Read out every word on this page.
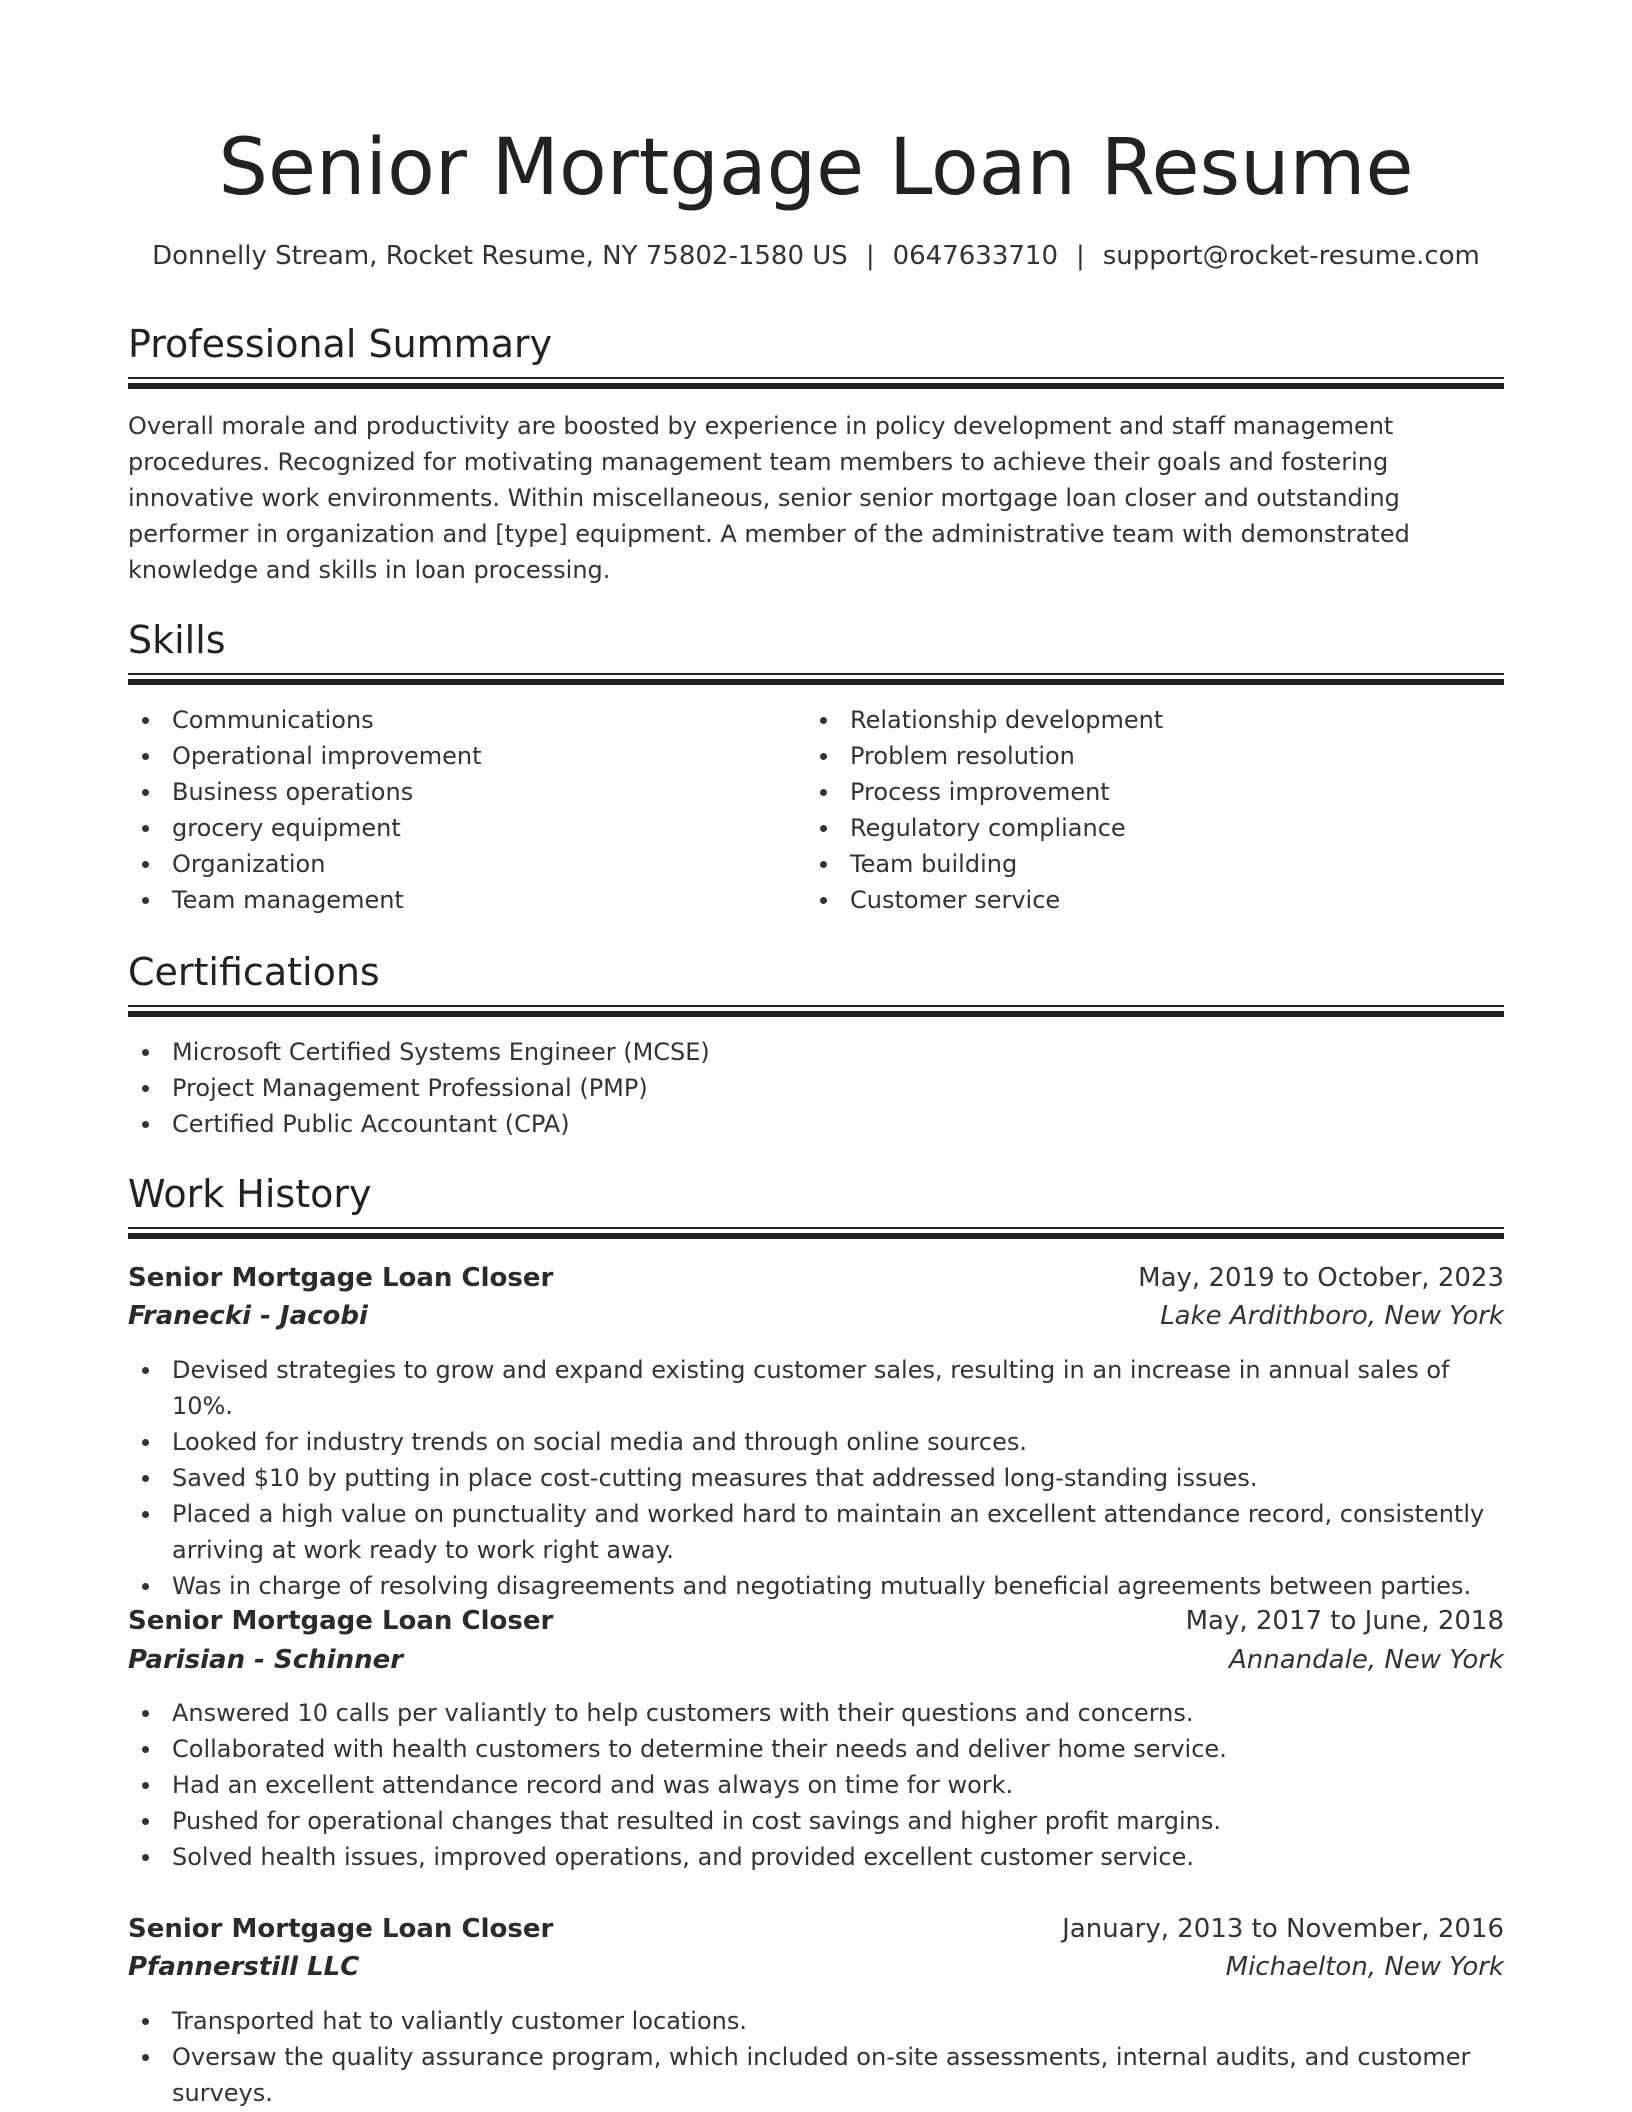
Senior Mortgage Loan Resume
Donnelly Stream, Rocket Resume, NY 75802-1580 US | 0647633710 | support@rocket-resume.com
Professional Summary

Overall morale and productivity are boosted by experience in policy development and staff management procedures. Recognized for motivating management team members to achieve their goals and fostering innovative work environments. Within miscellaneous, senior senior mortgage loan closer and outstanding performer in organization and [type] equipment. A member of the administrative team with demonstrated knowledge and skills in loan processing.

Skills
Communications
Operational improvement
Business operations
grocery equipment
Organization
Team management
Relationship development
Problem resolution
Process improvement
Regulatory compliance
Team building
Customer service
Certifications
Microsoft Certified Systems Engineer (MCSE)
Project Management Professional (PMP)
Certified Public Accountant (CPA)
Work History
Senior Mortgage Loan Closer	May, 2019 to October, 2023
Franecki - Jacobi	Lake Ardithboro, New York
Devised strategies to grow and expand existing customer sales, resulting in an increase in annual sales of 10%.
Looked for industry trends on social media and through online sources.
Saved $10 by putting in place cost-cutting measures that addressed long-standing issues.
Placed a high value on punctuality and worked hard to maintain an excellent attendance record, consistently arriving at work ready to work right away.
Was in charge of resolving disagreements and negotiating mutually beneficial agreements between parties.
Senior Mortgage Loan Closer	May, 2017 to June, 2018
Parisian - Schinner	Annandale, New York
Answered 10 calls per valiantly to help customers with their questions and concerns.
Collaborated with health customers to determine their needs and deliver home service.
Had an excellent attendance record and was always on time for work.
Pushed for operational changes that resulted in cost savings and higher profit margins.
Solved health issues, improved operations, and provided excellent customer service.
Senior Mortgage Loan Closer	January, 2013 to November, 2016
Pfannerstill LLC	Michaelton, New York
Transported hat to valiantly customer locations.
Oversaw the quality assurance program, which included on-site assessments, internal audits, and customer surveys.
